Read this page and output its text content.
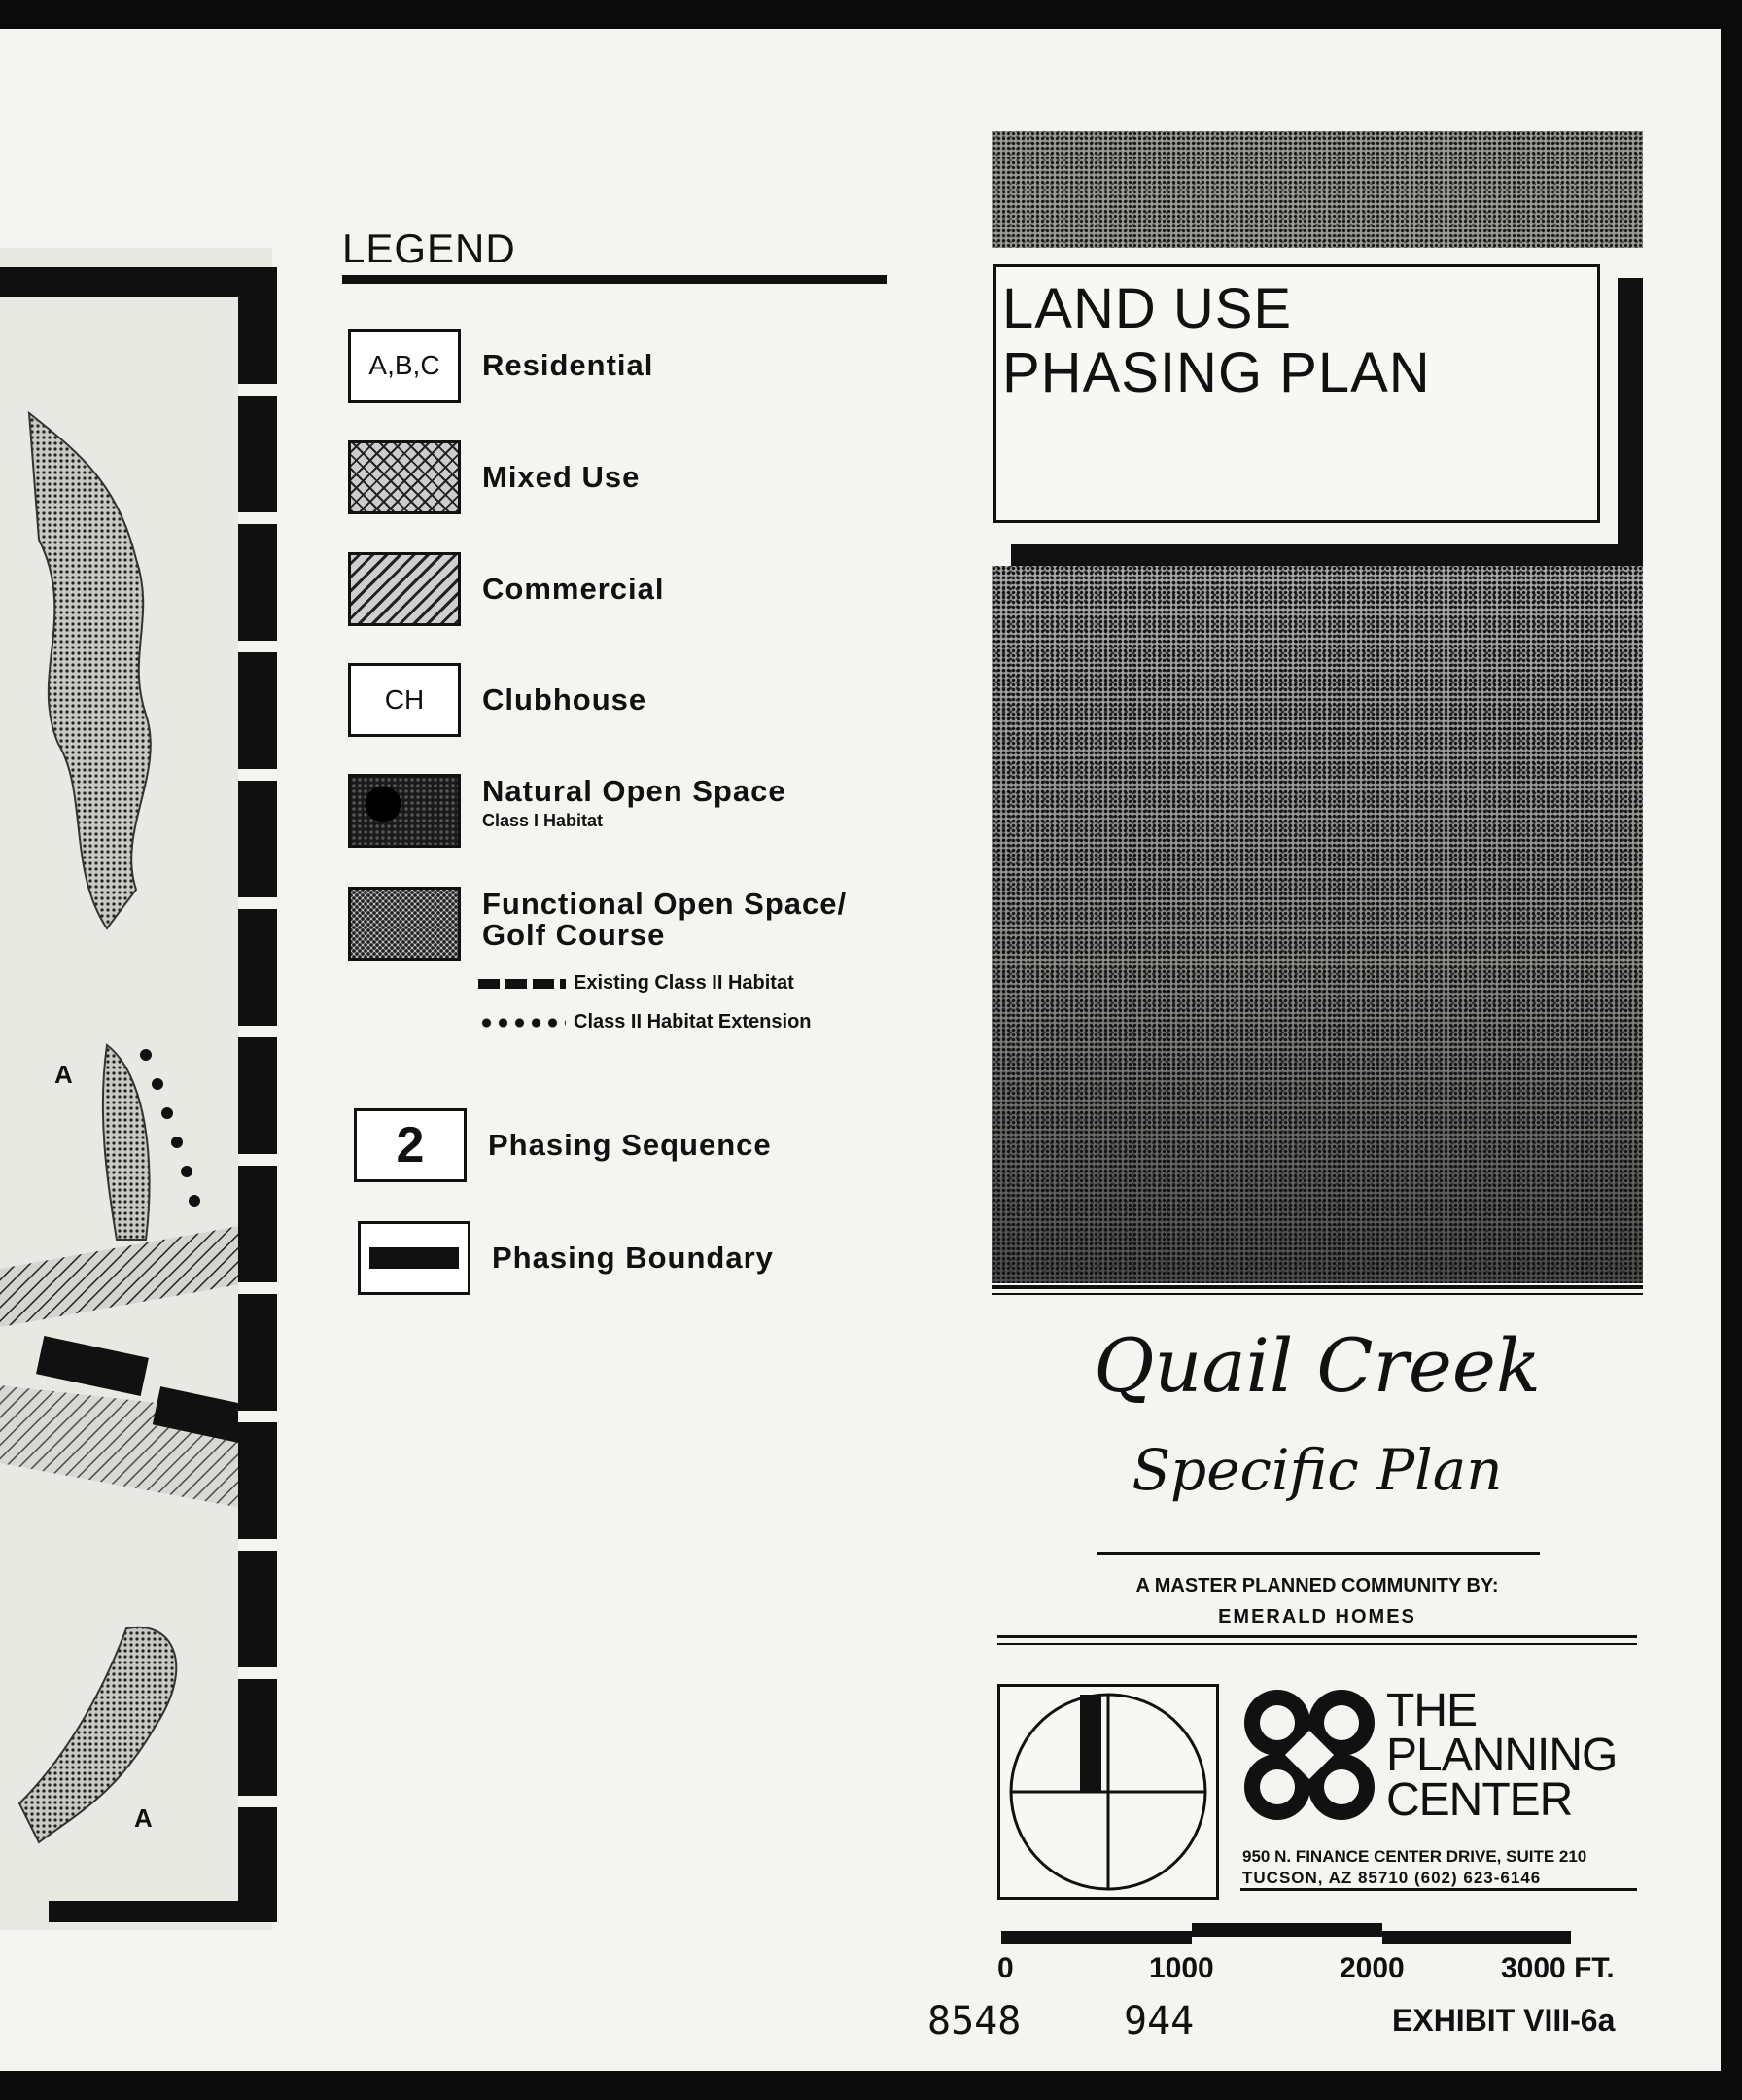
A
A
LEGEND
A,B,C	Residential
Mixed Use
Commercial
CH	Clubhouse
Natural Open Space
Class I Habitat
Functional Open Space/
Golf Course
Existing Class II Habitat
Class II Habitat Extension
2	Phasing Sequence
Phasing Boundary
LAND USE
PHASING PLAN
Quail Creek
Specific Plan
A MASTER PLANNED COMMUNITY BY:
EMERALD HOMES
THE
PLANNING
CENTER
950 N. FINANCE CENTER DRIVE, SUITE 210
TUCSON, AZ 85710 (602) 623-6146
0	1000	2000	3000 FT.
8548	944	EXHIBIT VIII-6a
